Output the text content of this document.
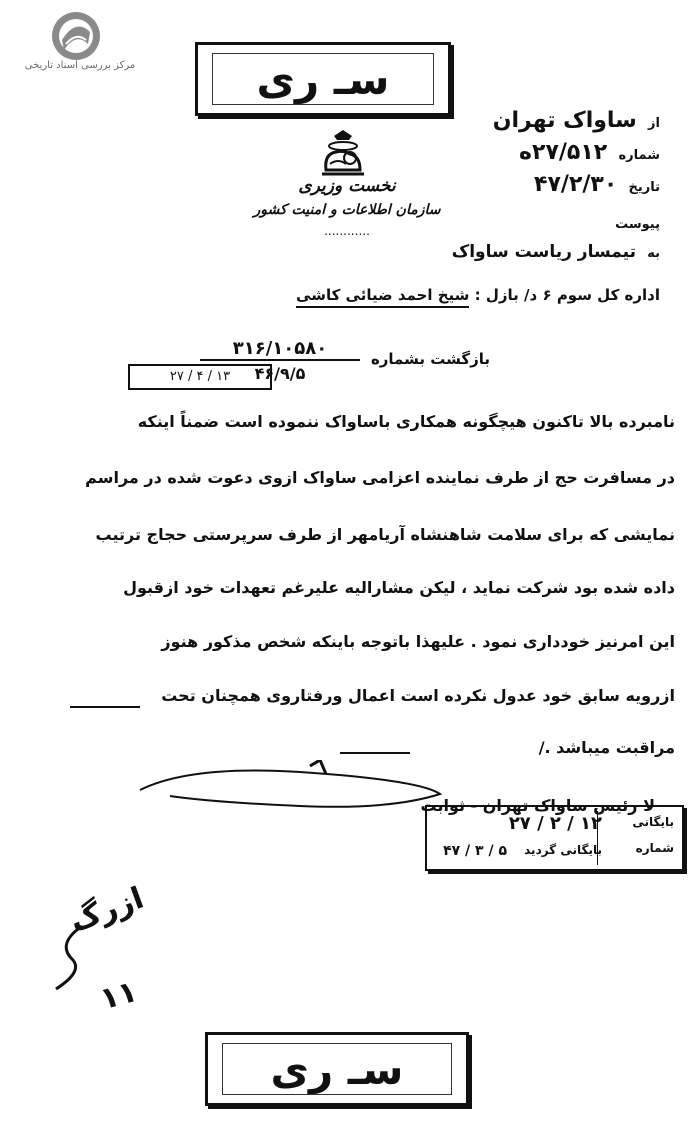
مرکز بررسی اسناد تاریخی	سـ ری
نخست وزیری
سازمان اطلاعات و امنیت کشور
............
از ساواک تهران
شماره ۲۷/۵۱۲ه
تاریخ ۴۷/۲/۳۰
پیوست
به تیمسار ریاست ساواک
اداره کل سوم ۶ د/ بازل : شیخ احمد ضیائی کاشی
بازگشت بشماره
۳۱۶/۱۰۵۸۰
۴۶/۹/۵
۲۷ / ۴ / ۱۳
نامبرده بالا تاکنون هیچگونه همکاری باساواک ننموده است ضمناً اینکه
در مسافرت حج از طرف نماینده اعزامی ساواک ازوی دعوت شده در مراسم
نمایشی که برای سلامت شاهنشاه آریامهر از طرف سرپرستی حجاج ترتیب
داده شده بود شرکت نماید ، لیکن مشارالیه علیرغم تعهدات خود ازقبول
این امرنیز خودداری نمود . علیهذا باتوجه باینکه شخص مذکور هنوز
ازرویه سابق خود عدول نکرده است اعمال ورفتاروی همچنان تحت
مراقبت میباشد ./
لا رئیس ساواک تهران - ثوابت
بایگانی
شماره
۱۲ / ۲ / ۲۷
بایگانی گردید
۵ / ۳ / ۴۷
ازرگ
۱۱
سـ ری
